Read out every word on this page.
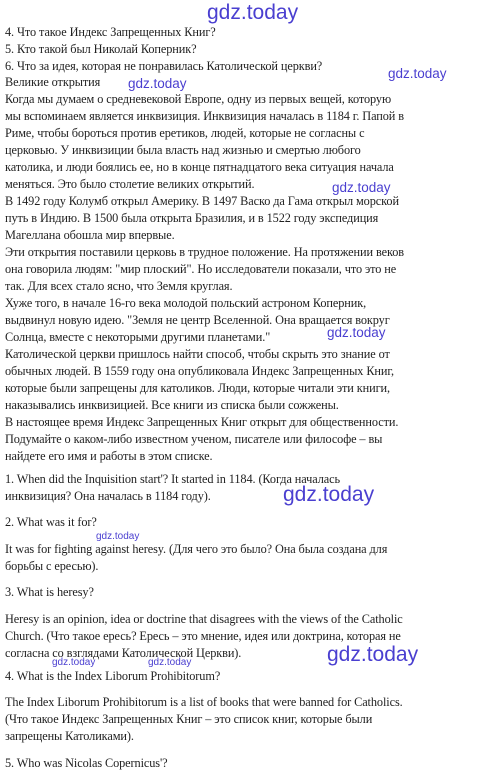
gdz.today
gdz.today
gdz.today
gdz.today
gdz.today
gdz.today
gdz.today
gdz.today
gdz.today	gdz.today
4. Что такое Индекс Запрещенных Книг?
5. Кто такой был Николай Коперник?
6. Что за идея, которая не понравилась Католической церкви?
Великие открытия
Когда мы думаем о средневековой Европе, одну из первых вещей, которую
мы вспоминаем является инквизиция. Инквизиция началась в 1184 г. Папой в
Риме, чтобы бороться против еретиков, людей, которые не согласны с
церковью. У инквизиции была власть над жизнью и смертью любого
католика, и люди боялись ее, но в конце пятнадцатого века ситуация начала
меняться. Это было столетие великих открытий.
В 1492 году Колумб открыл Америку. В 1497 Васко да Гама открыл морской
путь в Индию. В 1500 была открыта Бразилия, и в 1522 году экспедиция
Магеллана обошла мир впервые.
Эти открытия поставили церковь в трудное положение. На протяжении веков
она говорила людям: "мир плоский". Но исследователи показали, что это не
так. Для всех стало ясно, что Земля круглая.
Хуже того, в начале 16-го века молодой польский астроном Коперник,
выдвинул новую идею. "Земля не центр Вселенной. Она вращается вокруг
Солнца, вместе с некоторыми другими планетами."
Католической церкви пришлось найти способ, чтобы скрыть это знание от
обычных людей. В 1559 году она опубликовала Индекс Запрещенных Книг,
которые были запрещены для католиков. Люди, которые читали эти книги,
наказывались инквизицией. Все книги из списка были сожжены.
В настоящее время Индекс Запрещенных Книг открыт для общественности.
Подумайте о каком-либо известном ученом, писателе или философе – вы
найдете его имя и работы в этом списке.
1. When did the Inquisition start'? It started in 1184. (Когда началась
инквизиция? Она началась в 1184 году).
2. What was it for?
It was for fighting against heresy. (Для чего это было? Она была создана для
борьбы с ересью).
3. What is heresy?
Heresy is an opinion, idea or doctrine that disagrees with the views of the Catholic
Church. (Что такое ересь? Ересь – это мнение, идея или доктрина, которая не
согласна со взглядами Католической Церкви).
4. What is the Index Liborum Prohibitorum?
The Index Liborum Prohibitorum is a list of books that were banned for Catholics.
(Что такое Индекс Запрещенных Книг – это список книг, которые были
запрещены Католиками).
5. Who was Nicolas Copernicus'?
